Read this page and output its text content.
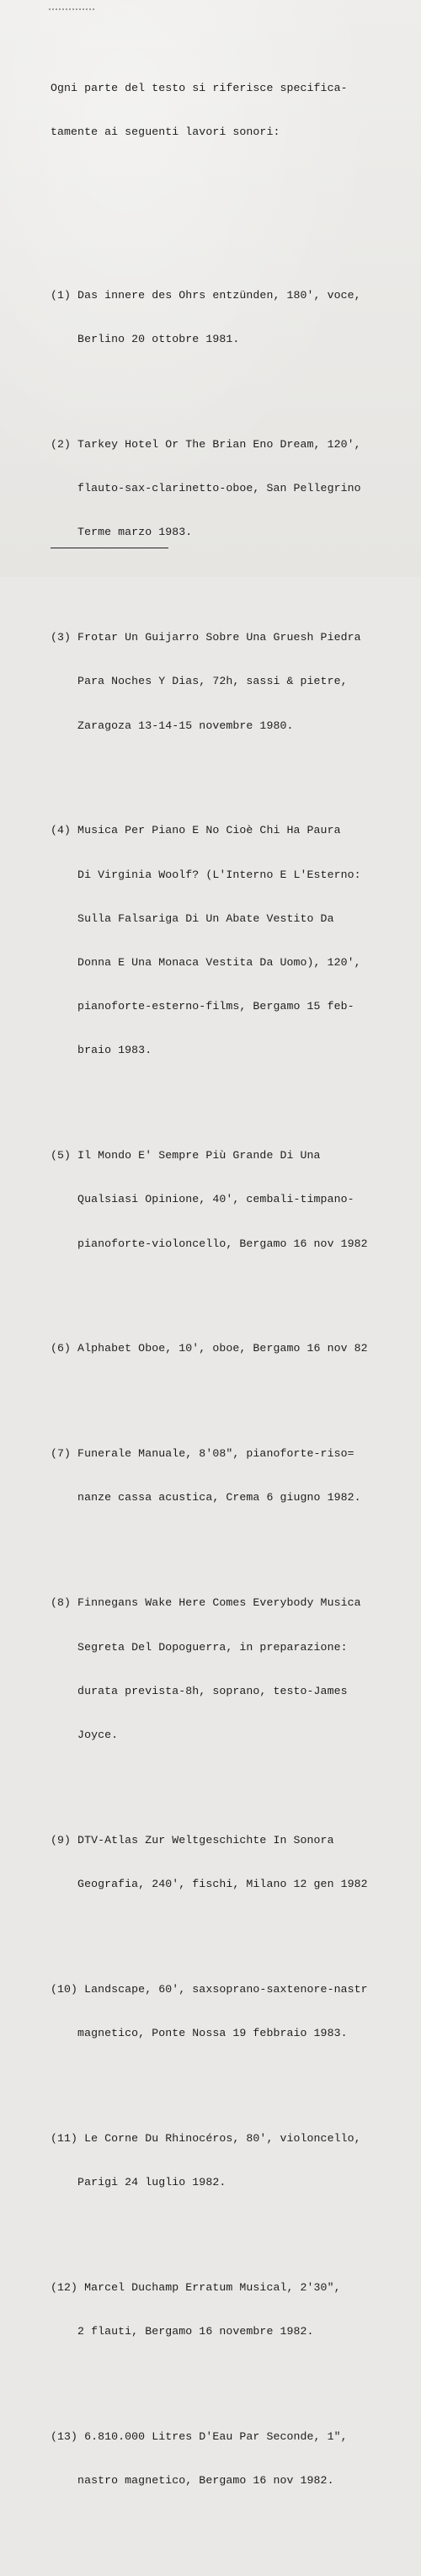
Ogni parte del testo si riferisce specifica-

tamente ai seguenti lavori sonori:

(1) Das innere des Ohrs entzünden, 180', voce,

Berlino 20 ottobre 1981.

(2) Tarkey Hotel Or The Brian Eno Dream, 120',

flauto-sax-clarinetto-oboe, San Pellegrino

Terme marzo 1983.

(3) Frotar Un Guijarro Sobre Una Gruesh Piedra

Para Noches Y Dias, 72h, sassi & pietre,

Zaragoza 13-14-15 novembre 1980.

(4) Musica Per Piano E No Cioè Chi Ha Paura

Di Virginia Woolf? (L'Interno E L'Esterno:

Sulla Falsariga Di Un Abate Vestito Da

Donna E Una Monaca Vestita Da Uomo), 120',

pianoforte-esterno-films, Bergamo 15 feb-

braio 1983.

(5) Il Mondo E' Sempre Più Grande Di Una

Qualsiasi Opinione, 40', cembali-timpano-

pianoforte-violoncello, Bergamo 16 nov 1982

(6) Alphabet Oboe, 10', oboe, Bergamo 16 nov 82

(7) Funerale Manuale, 8'08", pianoforte-riso=

nanze cassa acustica, Crema 6 giugno 1982.

(8) Finnegans Wake Here Comes Everybody Musica

Segreta Del Dopoguerra, in preparazione:

durata prevista-8h, soprano, testo-James

Joyce.

(9) DTV-Atlas Zur Weltgeschichte In Sonora

Geografia, 240', fischi, Milano 12 gen 1982

(10) Landscape, 60', saxsoprano-saxtenore-nastr

magnetico, Ponte Nossa 19 febbraio 1983.

(11) Le Corne Du Rhinocéros, 80', violoncello,

Parigi 24 luglio 1982.

(12) Marcel Duchamp Erratum Musical, 2'30",

2 flauti, Bergamo 16 novembre 1982.

(13) 6.810.000 Litres D'Eau Par Seconde, 1",

nastro magnetico, Bergamo 16 nov 1982.
